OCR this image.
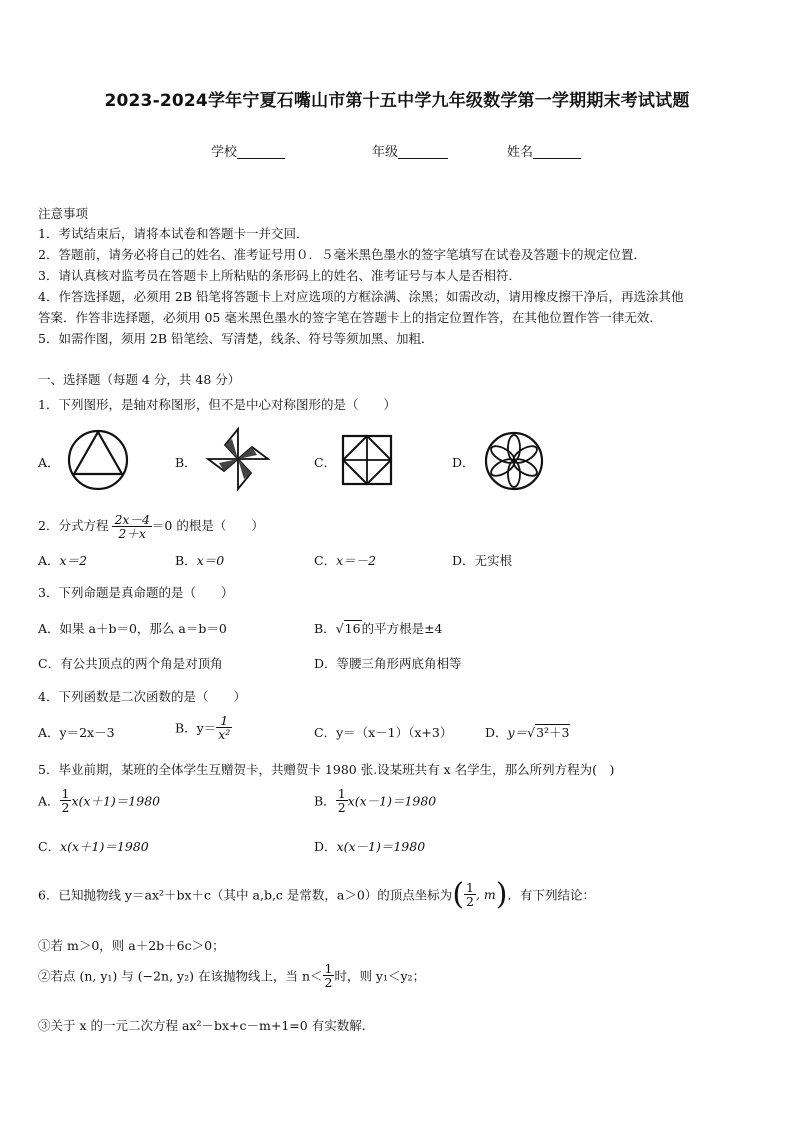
2023-2024学年宁夏石嘴山市第十五中学九年级数学第一学期期末考试试题
学校	年级	姓名
注意事项
1．考试结束后，请将本试卷和答题卡一并交回．
2．答题前，请务必将自己的姓名、准考证号用０．５毫米黑色墨水的签字笔填写在试卷及答题卡的规定位置．
3．请认真核对监考员在答题卡上所粘贴的条形码上的姓名、准考证号与本人是否相符．
4．作答选择题，必须用 2B 铅笔将答题卡上对应选项的方框涂满、涂黑；如需改动，请用橡皮擦干净后，再选涂其他
答案．作答非选择题，必须用 05 毫米黑色墨水的签字笔在答题卡上的指定位置作答，在其他位置作答一律无效．
5．如需作图，须用 2B 铅笔绘、写清楚，线条、符号等须加黑、加粗．
一、选择题（每题 4 分，共 48 分）
1．下列图形，是轴对称图形，但不是中心对称图形的是（　　）
A．	B．	C．	D．
2．分式方程 $\frac{2x-4}{2+x} =0$ 的根是（　　）
A．x＝2	B．x＝0	C．x＝－2	D．无实根
3．下列命题是真命题的是（　　）
A．如果 a＋b＝0，那么 a＝b＝0	B．√16的平方根是±4
C．有公共顶点的两个角是对顶角	D．等腰三角形两底角相等
4．下列函数是二次函数的是（　　）
A．y＝2x－3	B．$y= \frac{1}{\text{x²}}$	C．y＝（x－1）（x+3）	D．y＝√3²＋3
5．毕业前期，某班的全体学生互赠贺卡，共赠贺卡 1980 张.设某班共有 x 名学生，那么所列方程为(　)
A． $\frac{1}{2} x(x+1)=1980$	B． $\frac{1}{2} x(x-1)=1980$
C．x(x＋1)＝1980	D．x(x－1)＝1980
6．已知抛物线 y＝ax²＋bx＋c（其中 a,b,c 是常数，a＞0）的顶点坐标为( $\frac{1}{2}$ , m)．有下列结论：
①若 m＞0，则 a＋2b＋6c＞0；
②若点 (n, y₁) 与 (−2n, y₂) 在该抛物线上，当 $n< \frac{1}{2}$ 时，则 y₁＜y₂；
③关于 x 的一元二次方程 ax²－bx+c－m+1=0 有实数解．
